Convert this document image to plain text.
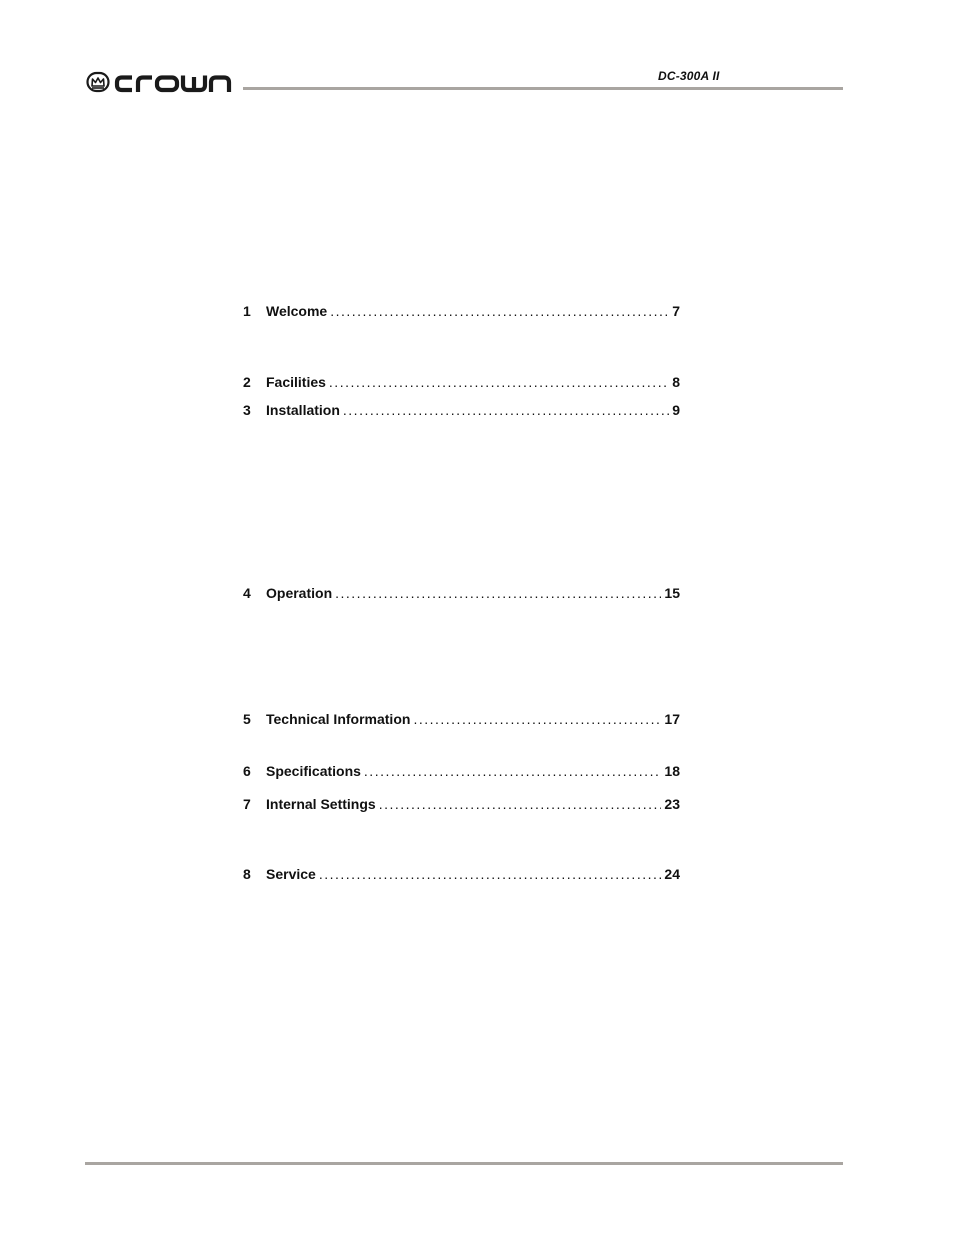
DC-300A II
1	Welcome .....	7
2	Facilities .....	8
3	Installation .....	9
4	Operation .....	15
5	Technical Information .....	17
6	Specifications .....	18
7	Internal Settings .....	23
8	Service .....	24
